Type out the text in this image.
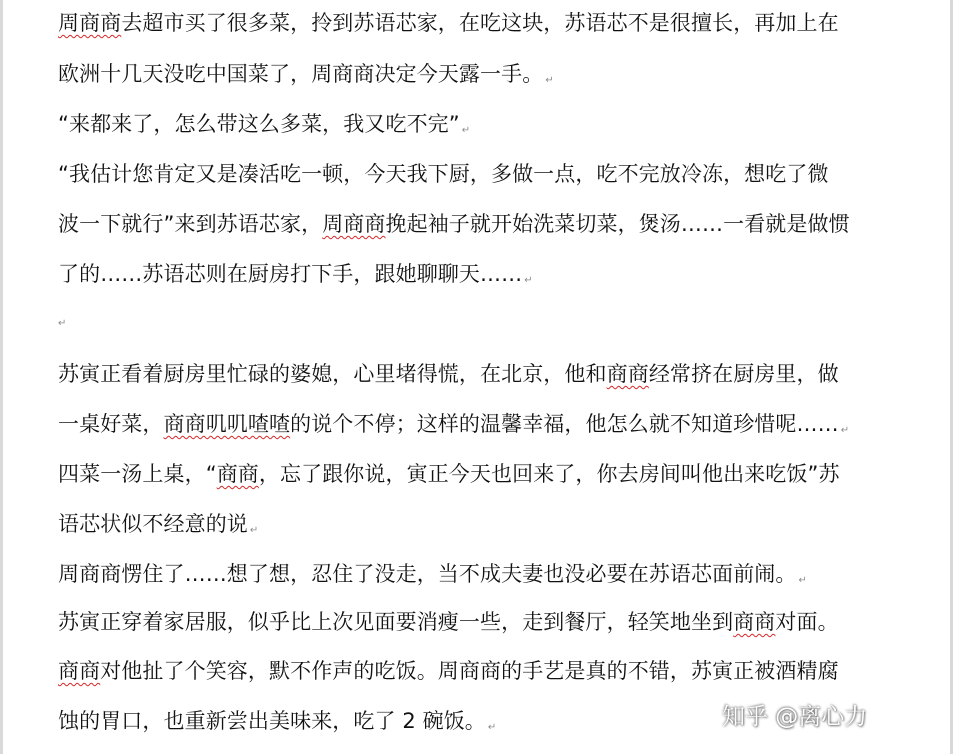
周商商去超市买了很多菜，拎到苏语芯家，在吃这块，苏语芯不是很擅长，再加上在
欧洲十几天没吃中国菜了，周商商决定今天露一手。 ↵
“来都来了，怎么带这么多菜，我又吃不完” ↵
“我估计您肯定又是凑活吃一顿，今天我下厨，多做一点，吃不完放冷冻，想吃了微
波一下就行”来到苏语芯家，周商商挽起袖子就开始洗菜切菜，煲汤……一看就是做惯
了的……苏语芯则在厨房打下手，跟她聊聊天…… ↵
↵
苏寅正看着厨房里忙碌的婆媳，心里堵得慌，在北京，他和商商经常挤在厨房里，做
一桌好菜，商商叽叽喳喳的说个不停；这样的温馨幸福，他怎么就不知道珍惜呢…… ↵
四菜一汤上桌，“商商，忘了跟你说，寅正今天也回来了，你去房间叫他出来吃饭”苏
语芯状似不经意的说 ↵
周商商愣住了……想了想，忍住了没走，当不成夫妻也没必要在苏语芯面前闹。 ↵
苏寅正穿着家居服，似乎比上次见面要消瘦一些，走到餐厅，轻笑地坐到商商对面。
商商对他扯了个笑容，默不作声的吃饭。周商商的手艺是真的不错，苏寅正被酒精腐
蚀的胃口，也重新尝出美味来，吃了 2 碗饭。 ↵	知乎 @离心力
